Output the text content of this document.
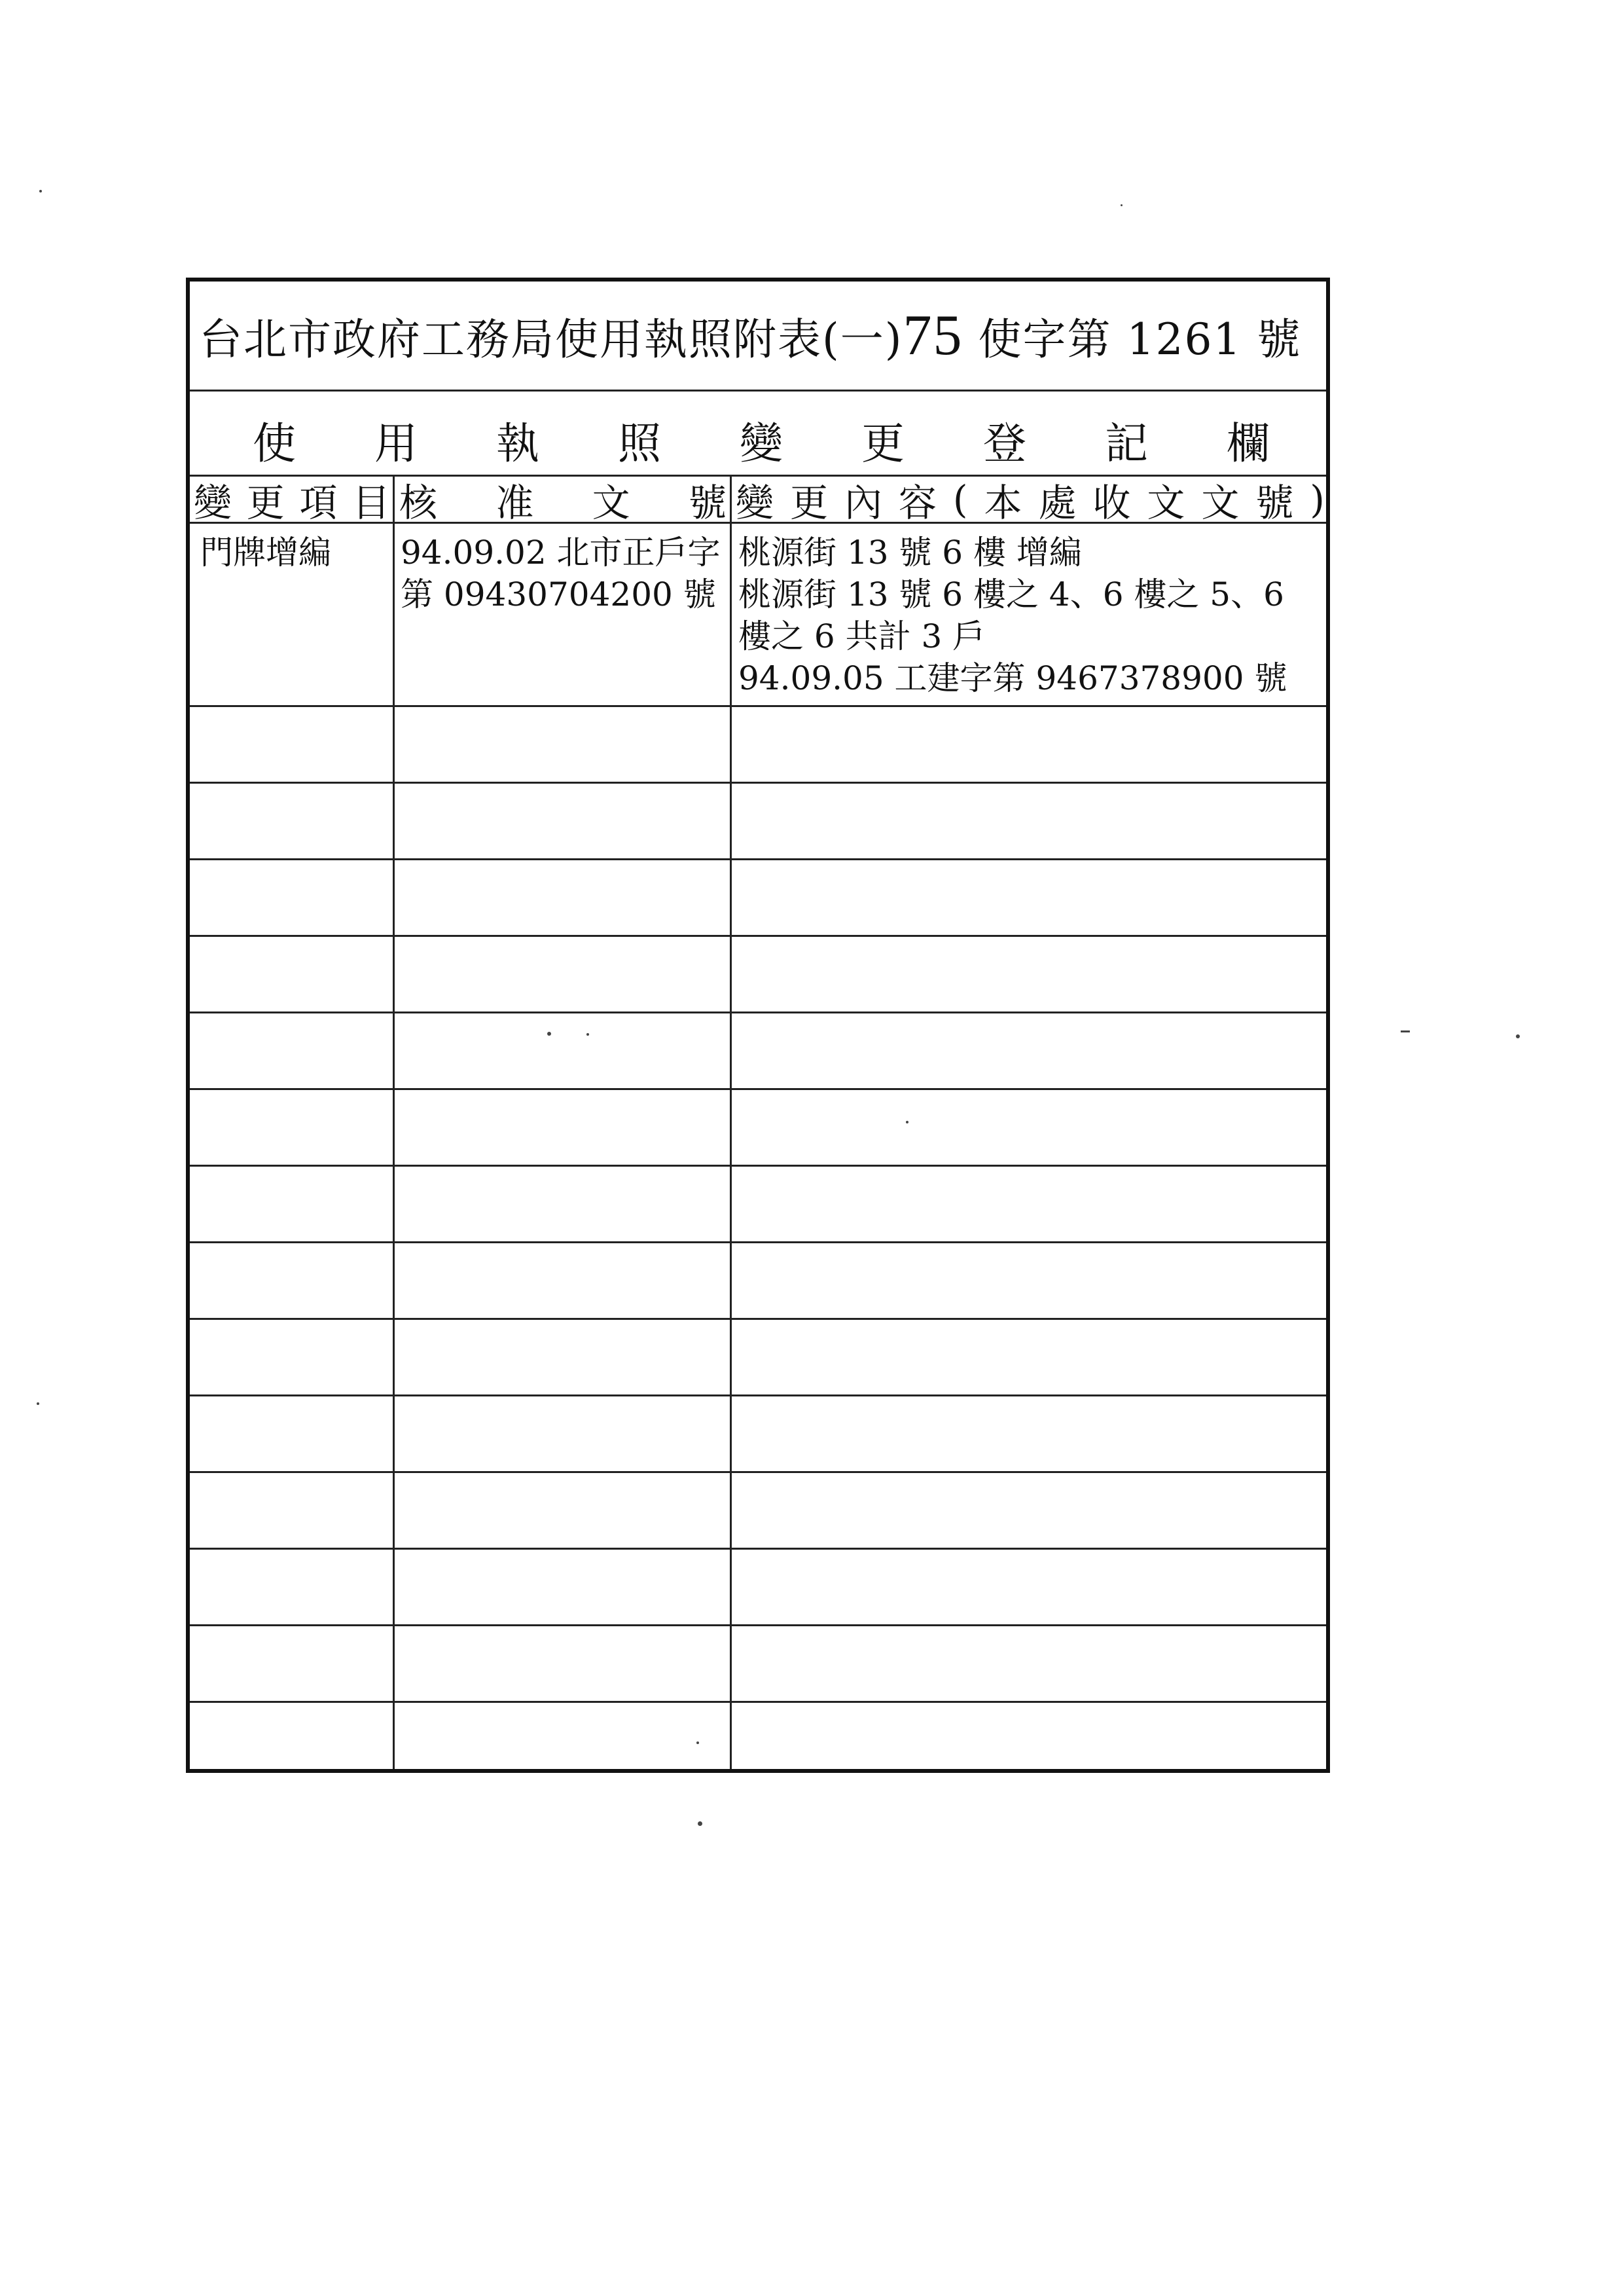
台北市政府工務局使用執照附表(一)75 使字第 1261 號
使 用 執 照 變 更 登 記 欄
變 更 項 目 核 准 文 號 變 更 內 容 ( 本 處 收 文 文 號 )
門牌增編 94.09.02 北市正戶字
第 09430704200 號
桃源街 13 號 6 樓 增編
桃源街 13 號 6 樓之 4、6 樓之 5、6
樓之 6 共計 3 戶
94.09.05 工建字第 9467378900 號
